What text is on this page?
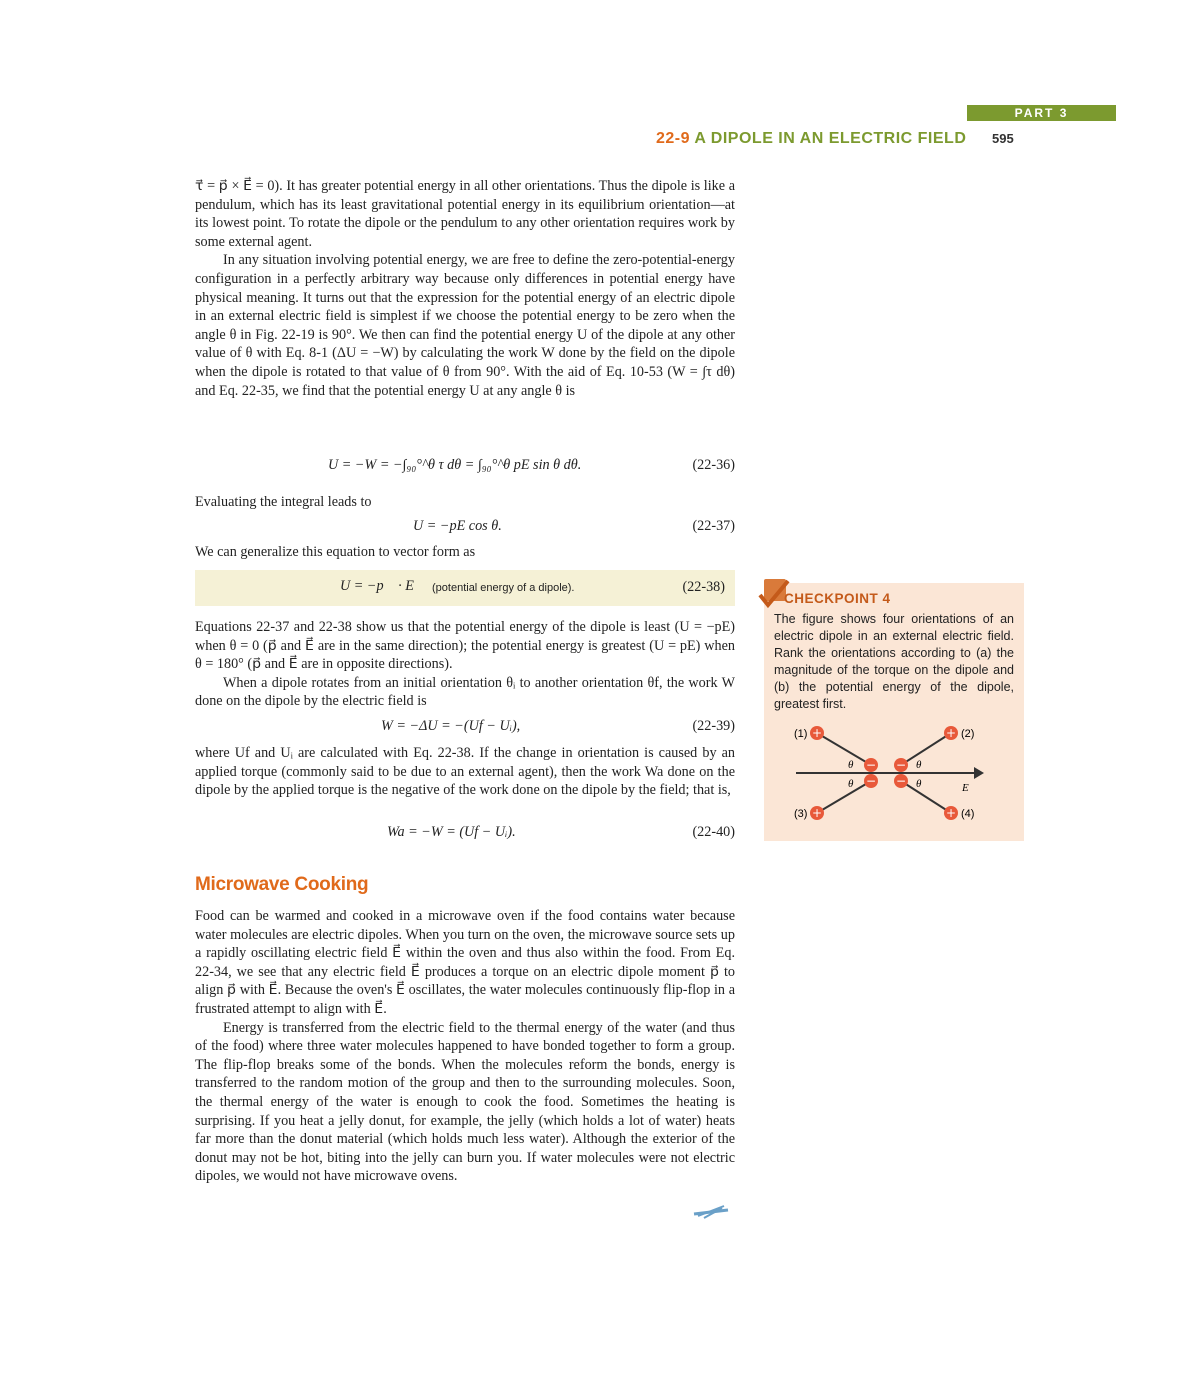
PART 3
22-9 A DIPOLE IN AN ELECTRIC FIELD 595

τ⃗ = p⃗ × E⃗ = 0). It has greater potential energy in all other orientations. Thus the dipole is like a pendulum, which has its least gravitational potential energy in its equilibrium orientation—at its lowest point. To rotate the dipole or the pendulum to any other orientation requires work by some external agent.

In any situation involving potential energy, we are free to define the zero-potential-energy configuration in a perfectly arbitrary way because only differences in potential energy have physical meaning. It turns out that the expression for the potential energy of an electric dipole in an external electric field is simplest if we choose the potential energy to be zero when the angle θ in Fig. 22-19 is 90°. We then can find the potential energy U of the dipole at any other value of θ with Eq. 8-1 (ΔU = −W) by calculating the work W done by the field on the dipole when the dipole is rotated to that value of θ from 90°. With the aid of Eq. 10-53 (W = ∫τ dθ) and Eq. 22-35, we find that the potential energy U at any angle θ is

U = −W = −∫₉₀°^θ τ dθ = ∫₉₀°^θ pE sin θ dθ.	(22-36)
Evaluating the integral leads to
U = −pE cos θ.	(22-37)
We can generalize this equation to vector form as
U = −p⃗ · E⃗ (potential energy of a dipole).	(22-38)

Equations 22-37 and 22-38 show us that the potential energy of the dipole is least (U = −pE) when θ = 0 (p⃗ and E⃗ are in the same direction); the potential energy is greatest (U = pE) when θ = 180° (p⃗ and E⃗ are in opposite directions).

When a dipole rotates from an initial orientation θᵢ to another orientation θf, the work W done on the dipole by the electric field is

W = −ΔU = −(Uf − Uᵢ),	(22-39)
where Uf and Uᵢ are calculated with Eq. 22-38. If the change in orientation is caused by an applied torque (commonly said to be due to an external agent), then the work Wa done on the dipole by the applied torque is the negative of the work done on the dipole by the field; that is,
Wa = −W = (Uf − Uᵢ).	(22-40)
Microwave Cooking

Food can be warmed and cooked in a microwave oven if the food contains water because water molecules are electric dipoles. When you turn on the oven, the microwave source sets up a rapidly oscillating electric field E⃗ within the oven and thus also within the food. From Eq. 22-34, we see that any electric field E⃗ produces a torque on an electric dipole moment p⃗ to align p⃗ with E⃗. Because the oven's E⃗ oscillates, the water molecules continuously flip-flop in a frustrated attempt to align with E⃗.

Energy is transferred from the electric field to the thermal energy of the water (and thus of the food) where three water molecules happened to have bonded together to form a group. The flip-flop breaks some of the bonds. When the molecules reform the bonds, energy is transferred to the random motion of the group and then to the surrounding molecules. Soon, the thermal energy of the water is enough to cook the food. Sometimes the heating is surprising. If you heat a jelly donut, for example, the jelly (which holds a lot of water) heats far more than the donut material (which holds much less water). Although the exterior of the donut may not be hot, biting into the jelly can burn you. If water molecules were not electric dipoles, we would not have microwave ovens.

CHECKPOINT 4
The figure shows four orientations of an electric dipole in an external electric field. Rank the orientations according to (a) the magnitude of the torque on the dipole and (b) the potential energy of the dipole, greatest first.
+	+
+	+
−
−
−
−
(1)	(2)
(3)	(4)
θ
θ
θ
θ	E⃗
